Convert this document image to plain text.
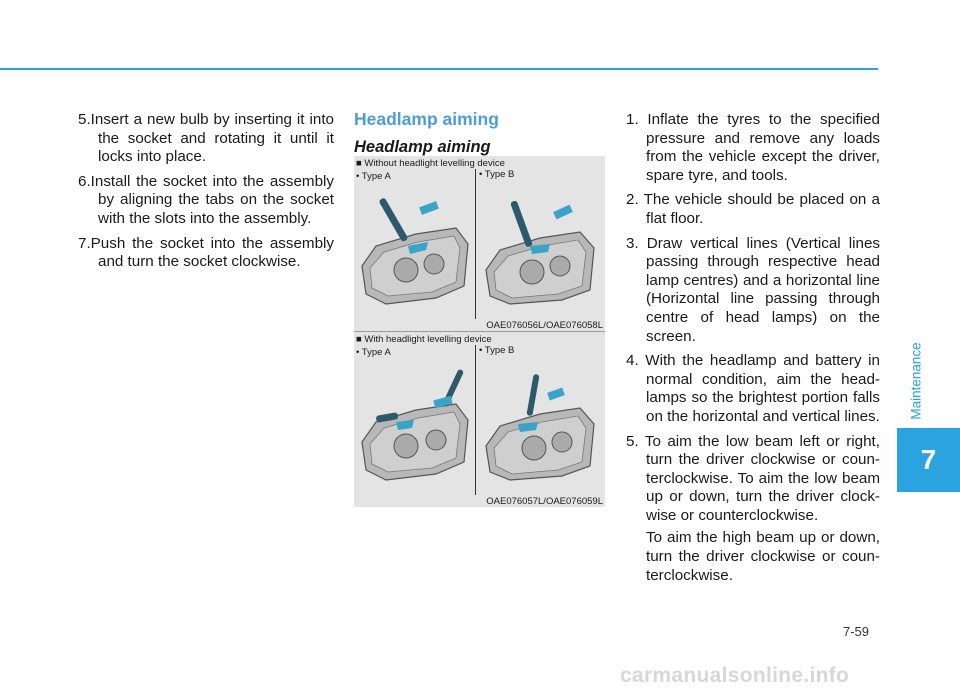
5.Insert a new bulb by inserting it into the socket and rotating it until it locks into place.

6.Install the socket into the assembly by aligning the tabs on the socket with the slots into the assembly.

7.Push the socket into the assembly and turn the socket clockwise.

Headlamp aiming
Headlamp aiming
■ Without headlight levelling device
• Type A	• Type B
OAE076056L/OAE076058L
■ With headlight levelling device
• Type A	• Type B
OAE076057L/OAE076059L

1. Inflate the tyres to the specified pressure and remove any loads from the vehicle except the driver, spare tyre, and tools.

2. The vehicle should be placed on a flat floor.

3. Draw vertical lines (Vertical lines passing through respective head lamp centres) and a horizontal line (Horizontal line passing through centre of head lamps) on the screen.

4. With the headlamp and battery in normal condition, aim the head-lamps so the brightest portion falls on the horizontal and vertical lines.

5. To aim the low beam left or right, turn the driver clockwise or coun-terclockwise. To aim the low beam up or down, turn the driver clock-wise or counterclockwise.

To aim the high beam up or down, turn the driver clockwise or coun-terclockwise.

Maintenance
7
7-59
carmanualsonline.info
